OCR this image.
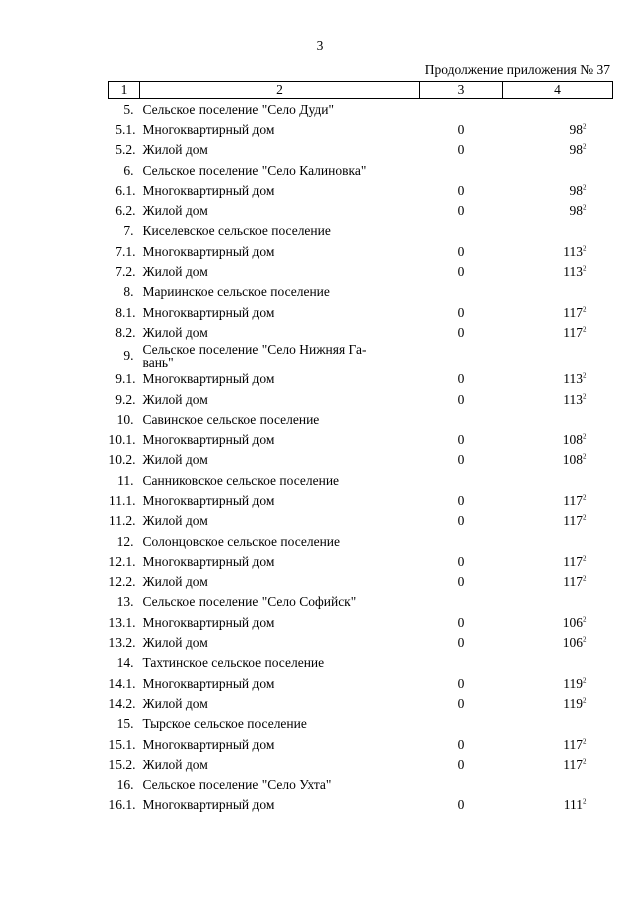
3
Продолжение приложения № 37
1	2	3	4
5.	Сельское поселение "Село Дуди"		
5.1.	Многоквартирный дом	0	$98^2$
5.2.	Жилой дом	0	$98^2$
6.	Сельское поселение "Село Калиновка"		
6.1.	Многоквартирный дом	0	$98^2$
6.2.	Жилой дом	0	$98^2$
7.	Киселевское сельское поселение		
7.1.	Многоквартирный дом	0	$113^2$
7.2.	Жилой дом	0	$113^2$
8.	Мариинское сельское поселение		
8.1.	Многоквартирный дом	0	$117^2$
8.2.	Жилой дом	0	$117^2$
9.	Сельское поселение "Село Нижняя Га-
вань"		
9.1.	Многоквартирный дом	0	$113^2$
9.2.	Жилой дом	0	$113^2$
10.	Савинское сельское поселение		
10.1.	Многоквартирный дом	0	$108^2$
10.2.	Жилой дом	0	$108^2$
11.	Санниковское сельское поселение		
11.1.	Многоквартирный дом	0	$117^2$
11.2.	Жилой дом	0	$117^2$
12.	Солонцовское сельское поселение		
12.1.	Многоквартирный дом	0	$117^2$
12.2.	Жилой дом	0	$117^2$
13.	Сельское поселение "Село Софийск"		
13.1.	Многоквартирный дом	0	$106^2$
13.2.	Жилой дом	0	$106^2$
14.	Тахтинское сельское поселение		
14.1.	Многоквартирный дом	0	$119^2$
14.2.	Жилой дом	0	$119^2$
15.	Тырское сельское поселение		
15.1.	Многоквартирный дом	0	$117^2$
15.2.	Жилой дом	0	$117^2$
16.	Сельское поселение "Село Ухта"		
16.1.	Многоквартирный дом	0	$111^2$
